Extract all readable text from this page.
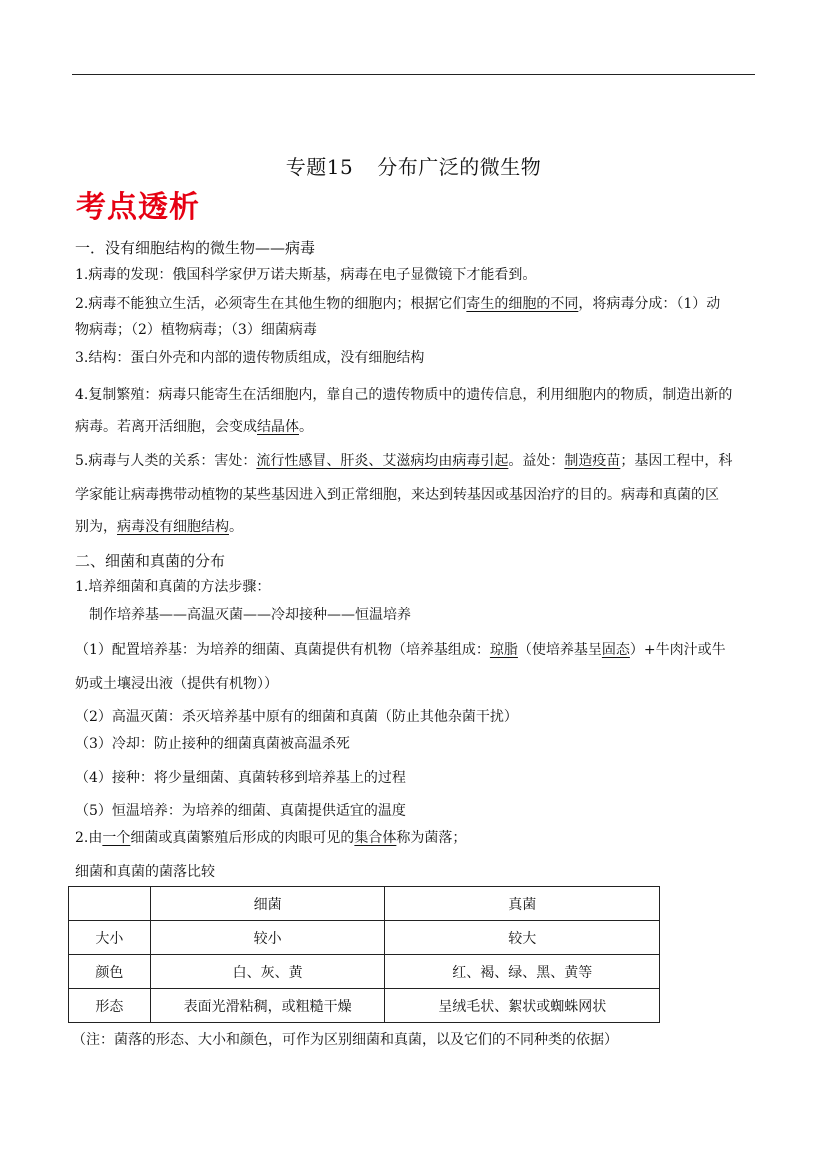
专题15 分布广泛的微生物
考点透析
一．没有细胞结构的微生物——病毒
1.病毒的发现：俄国科学家伊万诺夫斯基，病毒在电子显微镜下才能看到。
2.病毒不能独立生活，必须寄生在其他生物的细胞内；根据它们寄生的细胞的不同，将病毒分成：（1）动
物病毒；（2）植物病毒；（3）细菌病毒
3.结构：蛋白外壳和内部的遗传物质组成，没有细胞结构
4.复制繁殖：病毒只能寄生在活细胞内，靠自己的遗传物质中的遗传信息，利用细胞内的物质，制造出新的
病毒。若离开活细胞，会变成结晶体。
5.病毒与人类的关系：害处：流行性感冒、肝炎、艾滋病均由病毒引起。益处：制造疫苗；基因工程中，科
学家能让病毒携带动植物的某些基因进入到正常细胞，来达到转基因或基因治疗的目的。病毒和真菌的区
别为，病毒没有细胞结构。
二、细菌和真菌的分布
1.培养细菌和真菌的方法步骤：
制作培养基——高温灭菌——冷却接种——恒温培养
（1）配置培养基：为培养的细菌、真菌提供有机物（培养基组成：琼脂（使培养基呈固态）+牛肉汁或牛
奶或土壤浸出液（提供有机物））
（2）高温灭菌：杀灭培养基中原有的细菌和真菌（防止其他杂菌干扰）
（3）冷却：防止接种的细菌真菌被高温杀死
（4）接种：将少量细菌、真菌转移到培养基上的过程
（5）恒温培养：为培养的细菌、真菌提供适宜的温度
2.由一个细菌或真菌繁殖后形成的肉眼可见的集合体称为菌落；
细菌和真菌的菌落比较
	细菌	真菌
大小	较小	较大
颜色	白、灰、黄	红、褐、绿、黑、黄等
形态	表面光滑粘稠，或粗糙干燥	呈绒毛状、絮状或蜘蛛网状
（注：菌落的形态、大小和颜色，可作为区别细菌和真菌，以及它们的不同种类的依据）
